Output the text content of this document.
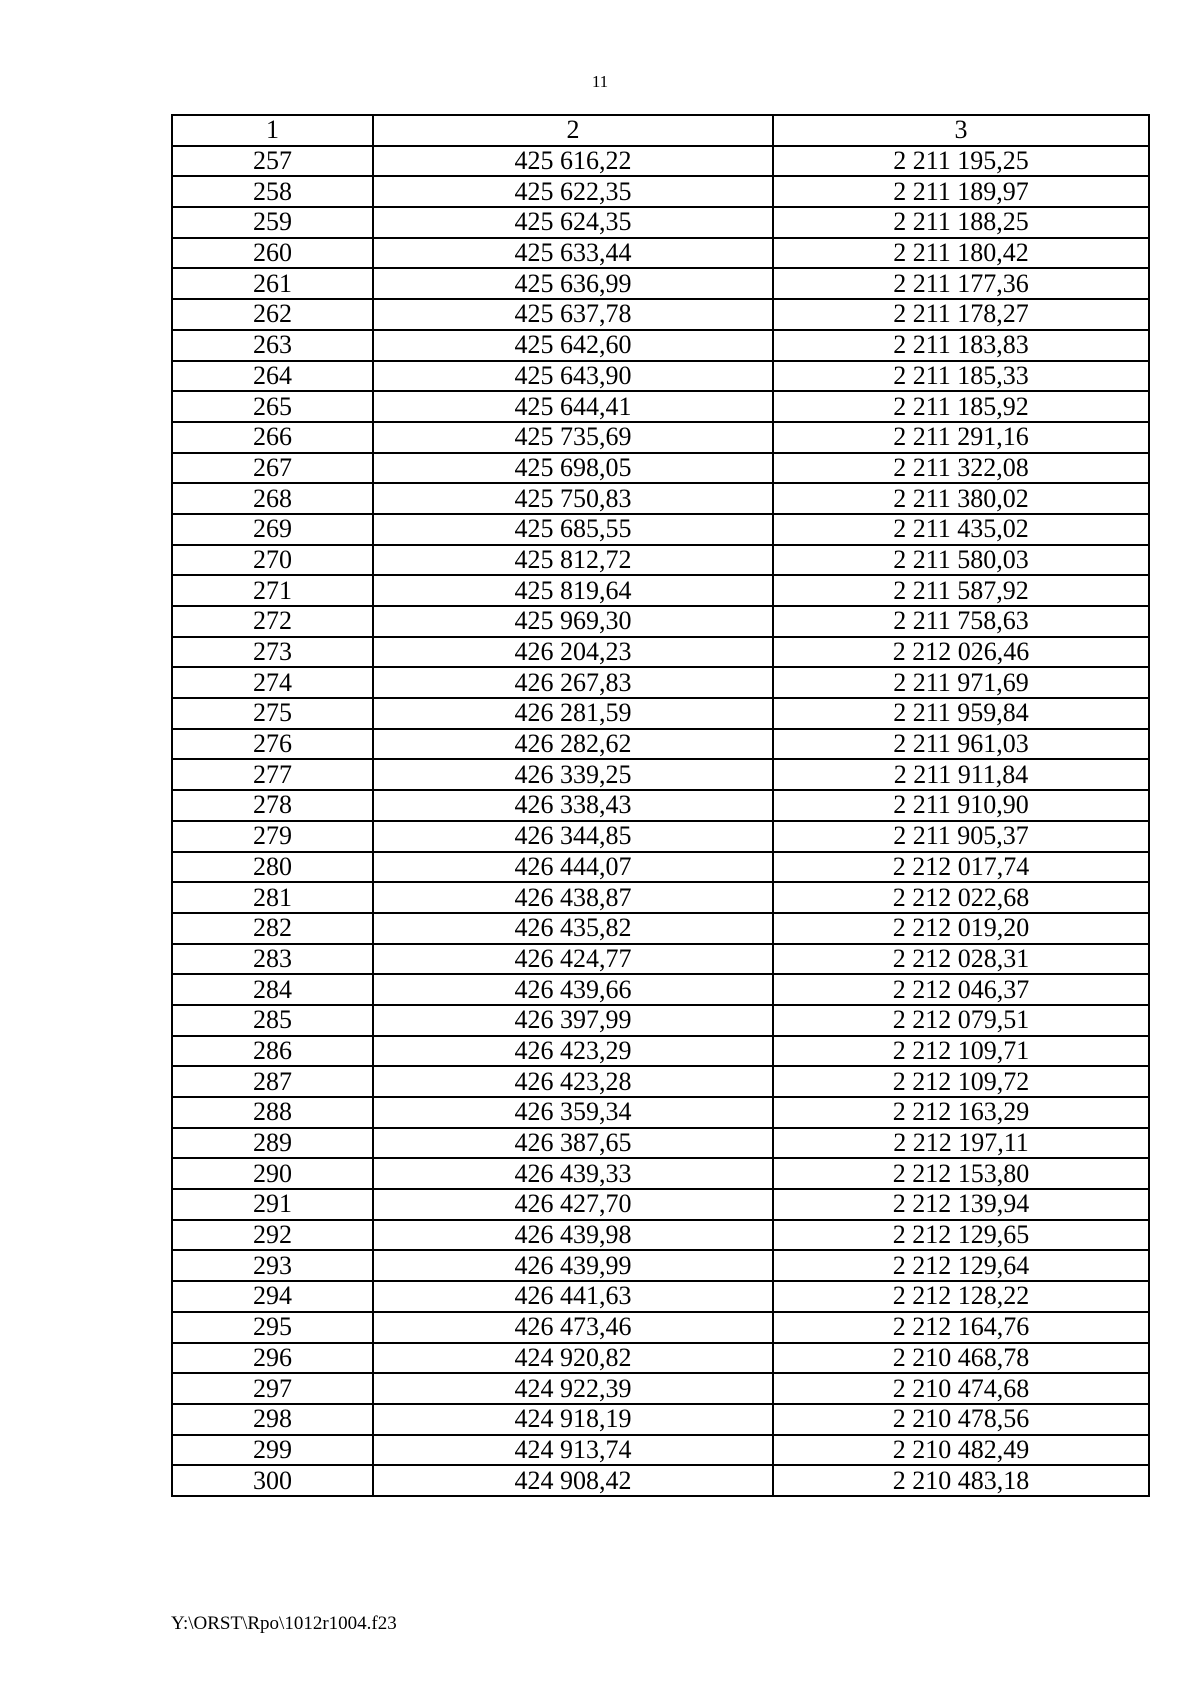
11
1	2	3
257	425 616,22	2 211 195,25
258	425 622,35	2 211 189,97
259	425 624,35	2 211 188,25
260	425 633,44	2 211 180,42
261	425 636,99	2 211 177,36
262	425 637,78	2 211 178,27
263	425 642,60	2 211 183,83
264	425 643,90	2 211 185,33
265	425 644,41	2 211 185,92
266	425 735,69	2 211 291,16
267	425 698,05	2 211 322,08
268	425 750,83	2 211 380,02
269	425 685,55	2 211 435,02
270	425 812,72	2 211 580,03
271	425 819,64	2 211 587,92
272	425 969,30	2 211 758,63
273	426 204,23	2 212 026,46
274	426 267,83	2 211 971,69
275	426 281,59	2 211 959,84
276	426 282,62	2 211 961,03
277	426 339,25	2 211 911,84
278	426 338,43	2 211 910,90
279	426 344,85	2 211 905,37
280	426 444,07	2 212 017,74
281	426 438,87	2 212 022,68
282	426 435,82	2 212 019,20
283	426 424,77	2 212 028,31
284	426 439,66	2 212 046,37
285	426 397,99	2 212 079,51
286	426 423,29	2 212 109,71
287	426 423,28	2 212 109,72
288	426 359,34	2 212 163,29
289	426 387,65	2 212 197,11
290	426 439,33	2 212 153,80
291	426 427,70	2 212 139,94
292	426 439,98	2 212 129,65
293	426 439,99	2 212 129,64
294	426 441,63	2 212 128,22
295	426 473,46	2 212 164,76
296	424 920,82	2 210 468,78
297	424 922,39	2 210 474,68
298	424 918,19	2 210 478,56
299	424 913,74	2 210 482,49
300	424 908,42	2 210 483,18
Y:\ORST\Rpo\1012r1004.f23
